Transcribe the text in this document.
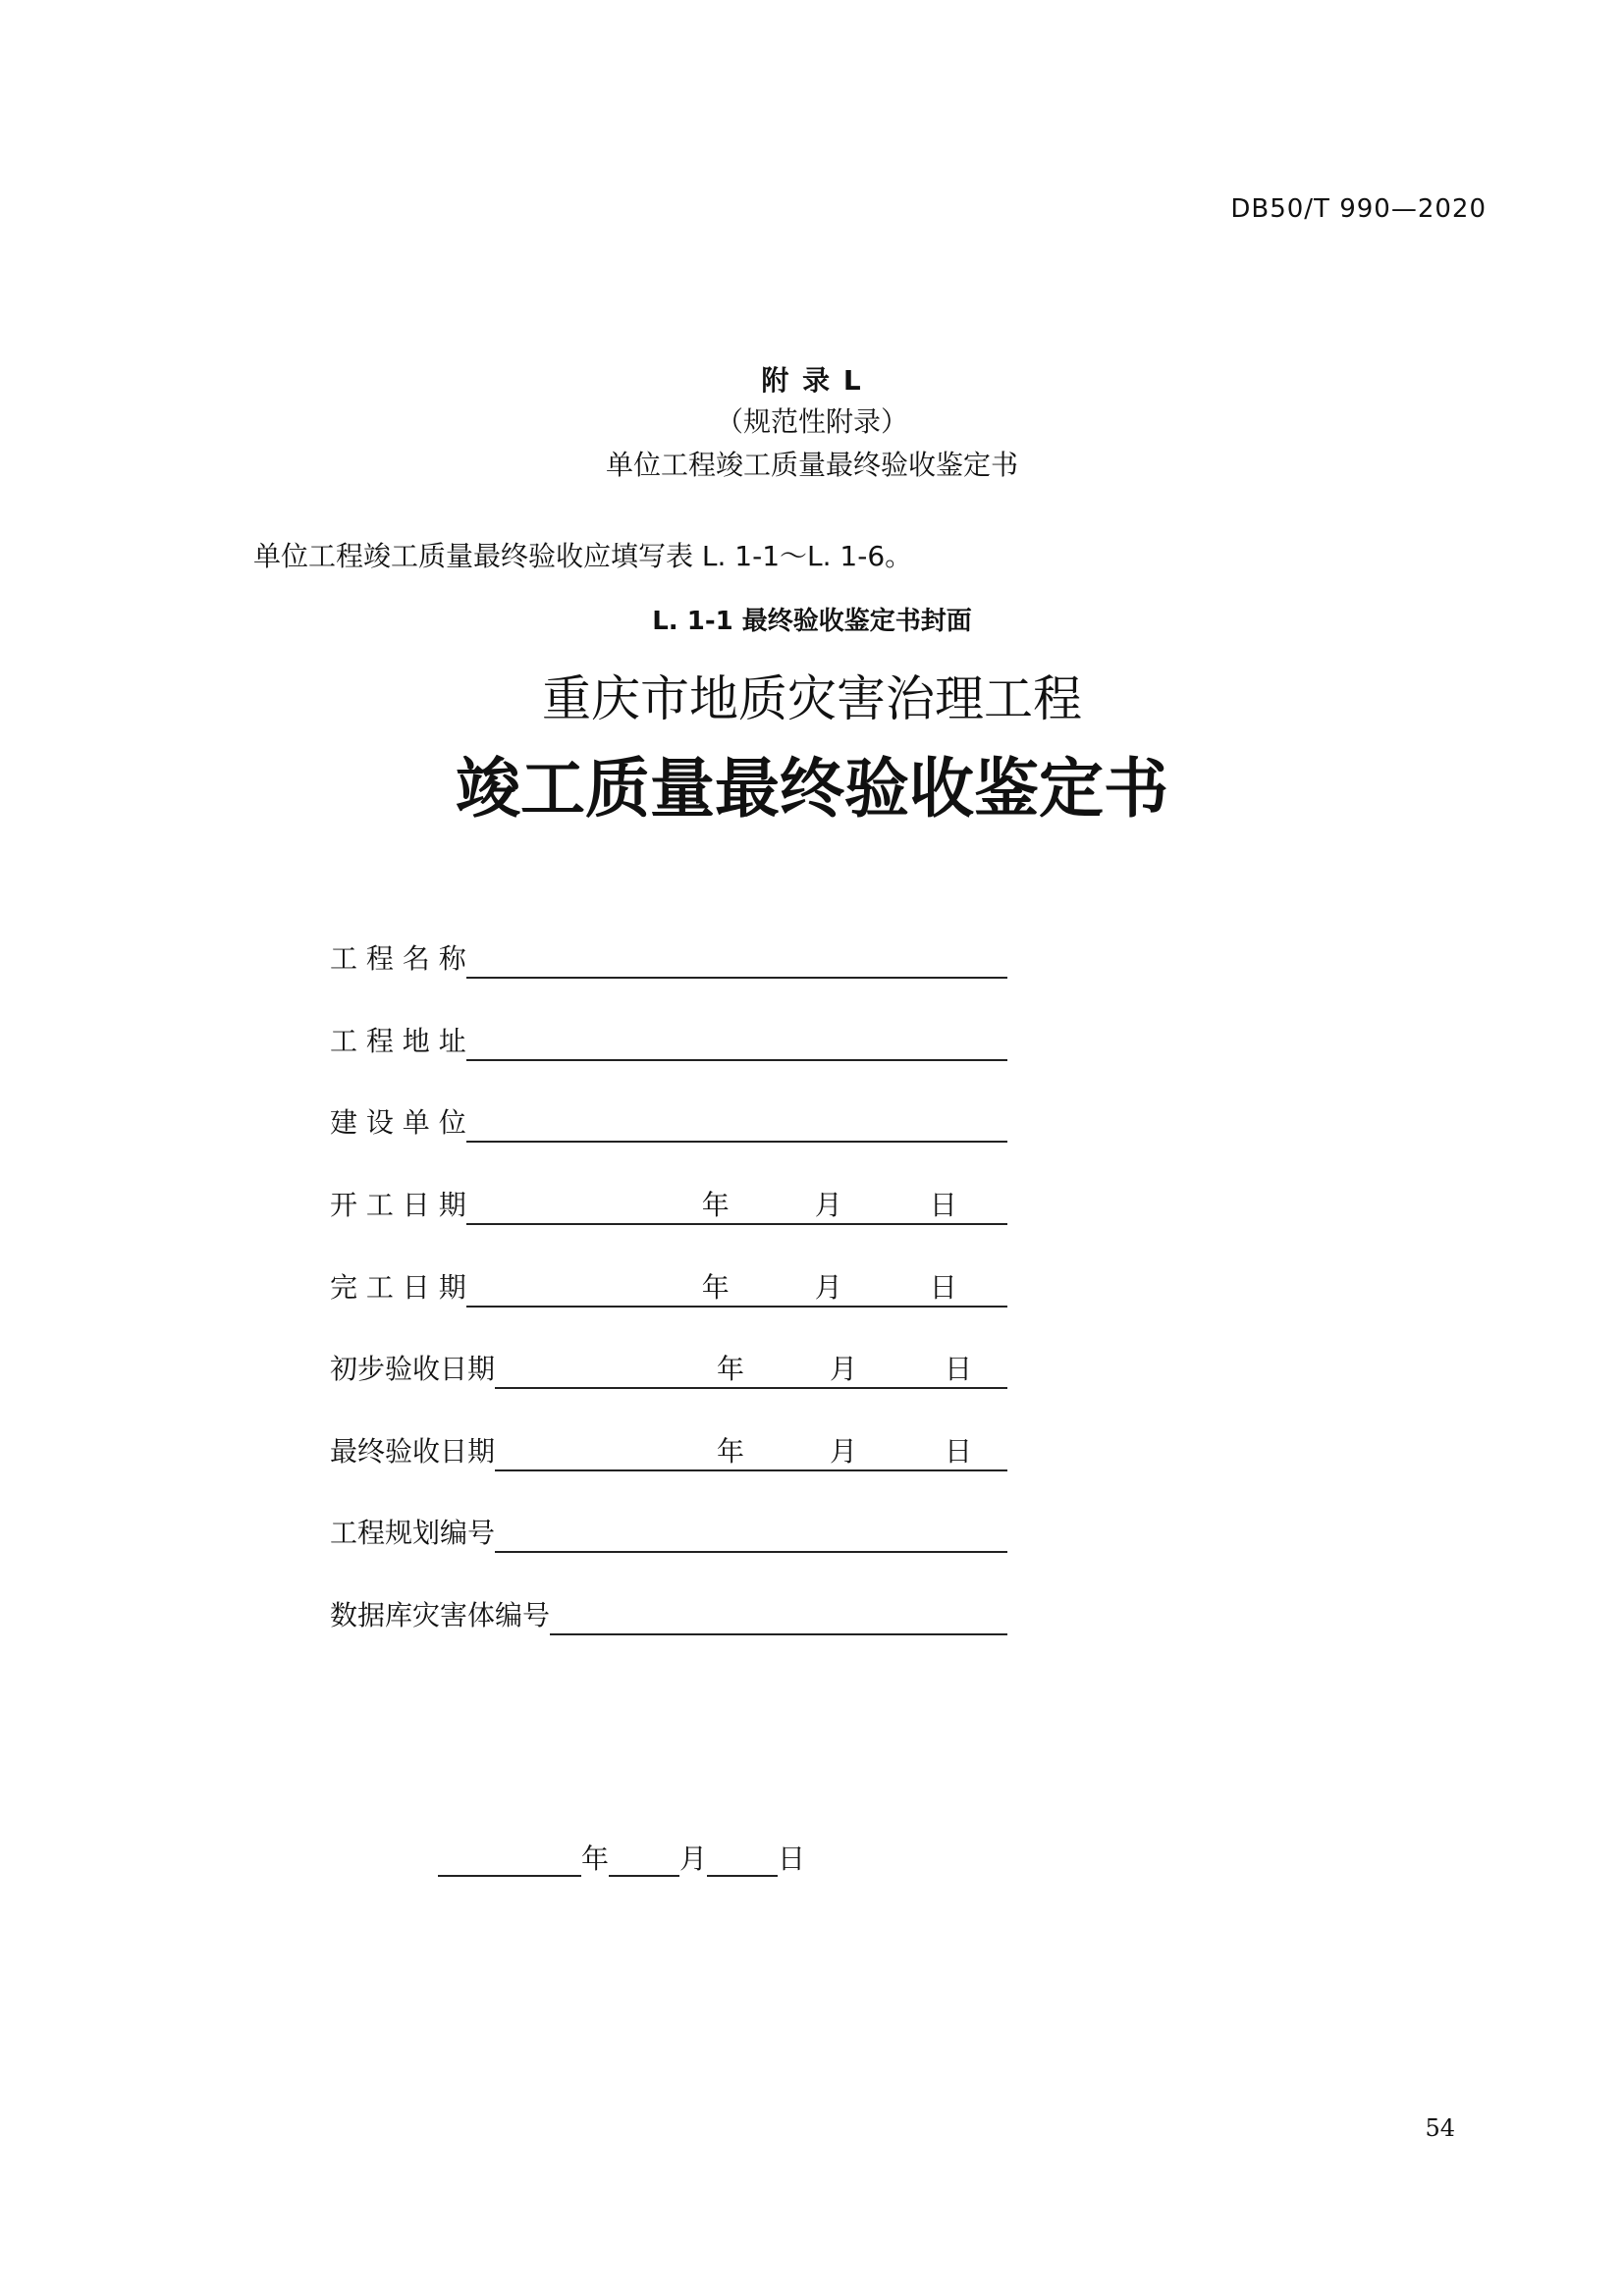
DB50/T 990—2020
附 录 L
（规范性附录）
单位工程竣工质量最终验收鉴定书
单位工程竣工质量最终验收应填写表 L. 1-1～L. 1-6。
L. 1-1 最终验收鉴定书封面
重庆市地质灾害治理工程
竣工质量最终验收鉴定书
工 程 名 称
工 程 地 址
建 设 单 位
开 工 日 期	年	月	日
完 工 日 期	年	月	日
初步验收日期	年	月	日
最终验收日期	年	月	日
工程规划编号
数据库灾害体编号
年	月	日
54
